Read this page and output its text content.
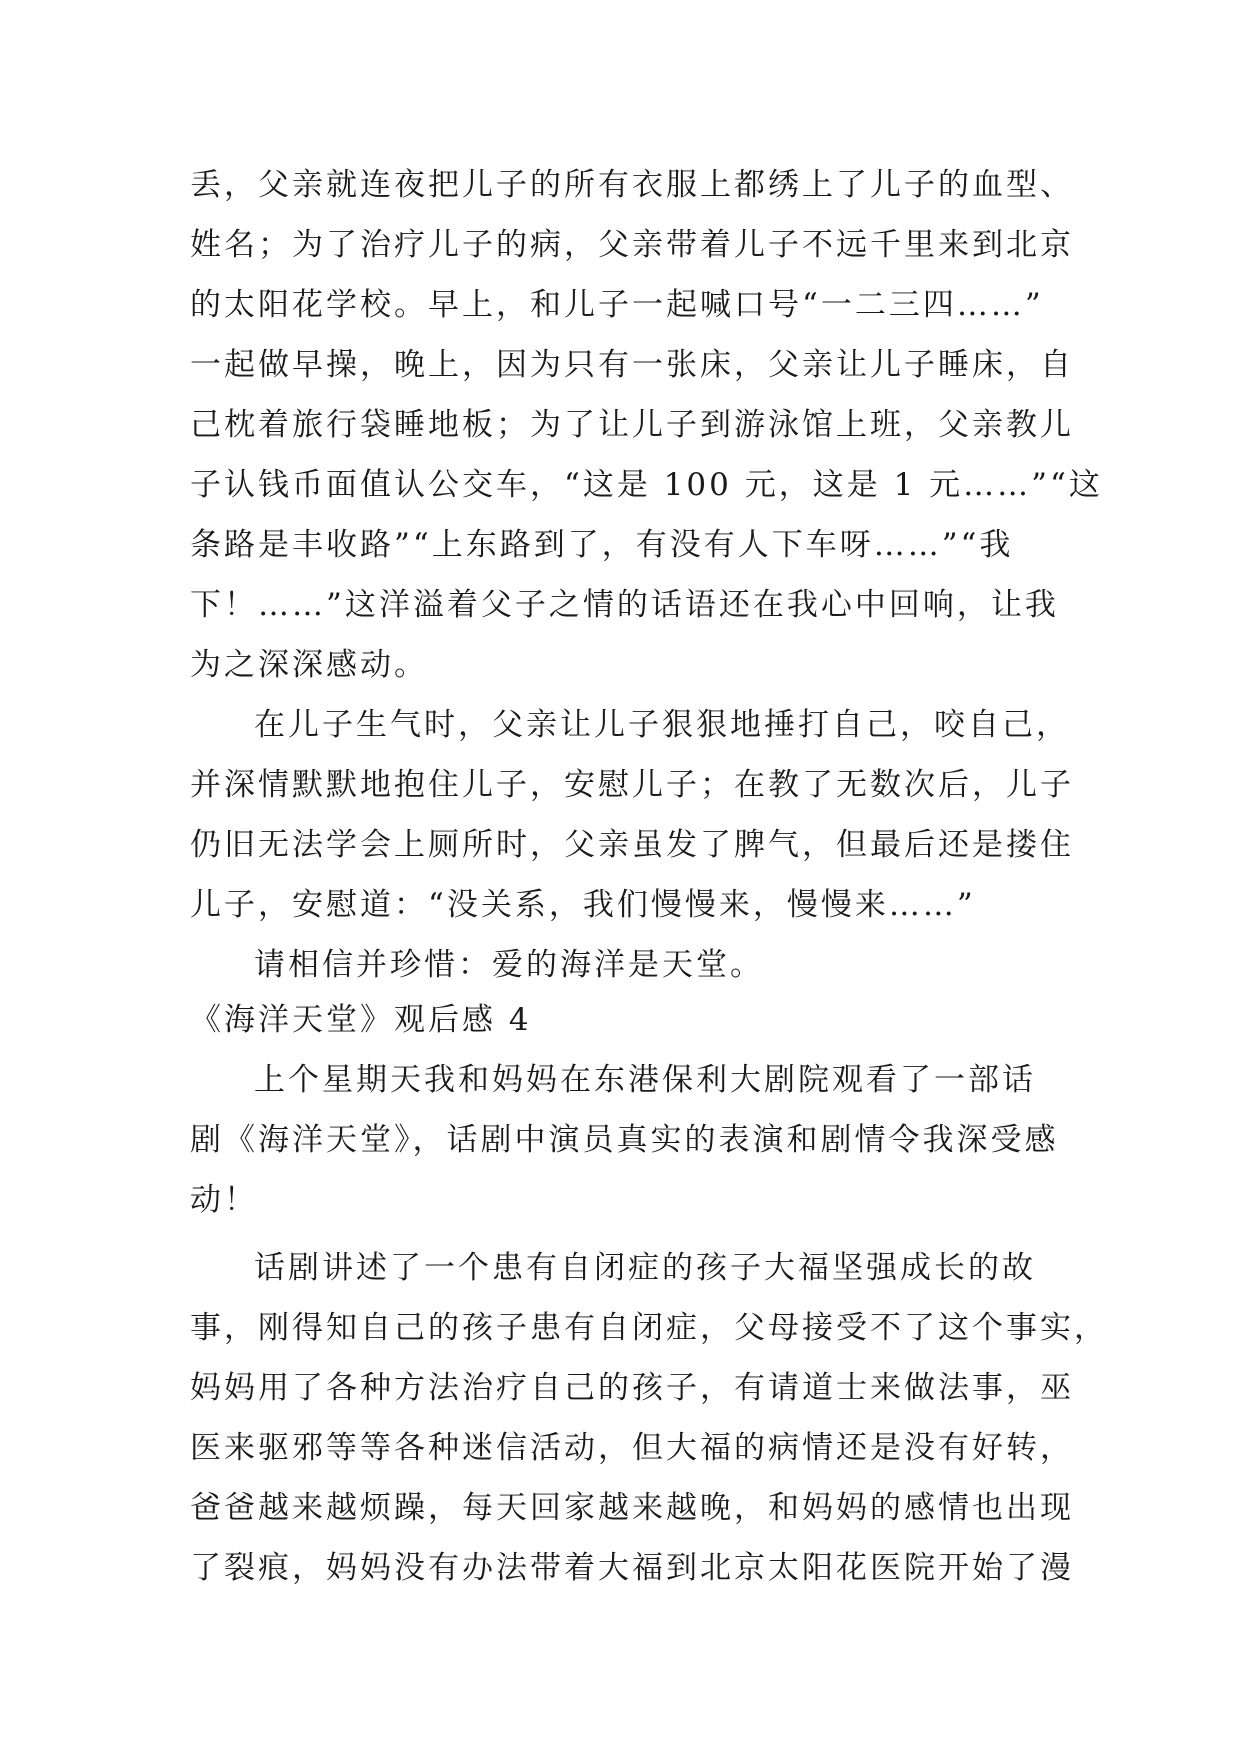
丢，父亲就连夜把儿子的所有衣服上都绣上了儿子的血型、
姓名；为了治疗儿子的病，父亲带着儿子不远千里来到北京
的太阳花学校。早上，和儿子一起喊口号“一二三四……”
一起做早操，晚上，因为只有一张床，父亲让儿子睡床，自
己枕着旅行袋睡地板；为了让儿子到游泳馆上班，父亲教儿
子认钱币面值认公交车，“这是 100 元，这是 1 元……”“这
条路是丰收路”“上东路到了，有没有人下车呀……”“我
下！……”这洋溢着父子之情的话语还在我心中回响，让我
为之深深感动。
在儿子生气时，父亲让儿子狠狠地捶打自己，咬自己，
并深情默默地抱住儿子，安慰儿子；在教了无数次后，儿子
仍旧无法学会上厕所时，父亲虽发了脾气，但最后还是搂住
儿子，安慰道：“没关系，我们慢慢来，慢慢来……”
请相信并珍惜：爱的海洋是天堂。
《海洋天堂》观后感 4
上个星期天我和妈妈在东港保利大剧院观看了一部话
剧《海洋天堂》，话剧中演员真实的表演和剧情令我深受感
动！
话剧讲述了一个患有自闭症的孩子大福坚强成长的故
事，刚得知自己的孩子患有自闭症，父母接受不了这个事实，
妈妈用了各种方法治疗自己的孩子，有请道士来做法事，巫
医来驱邪等等各种迷信活动，但大福的病情还是没有好转，
爸爸越来越烦躁，每天回家越来越晚，和妈妈的感情也出现
了裂痕，妈妈没有办法带着大福到北京太阳花医院开始了漫
